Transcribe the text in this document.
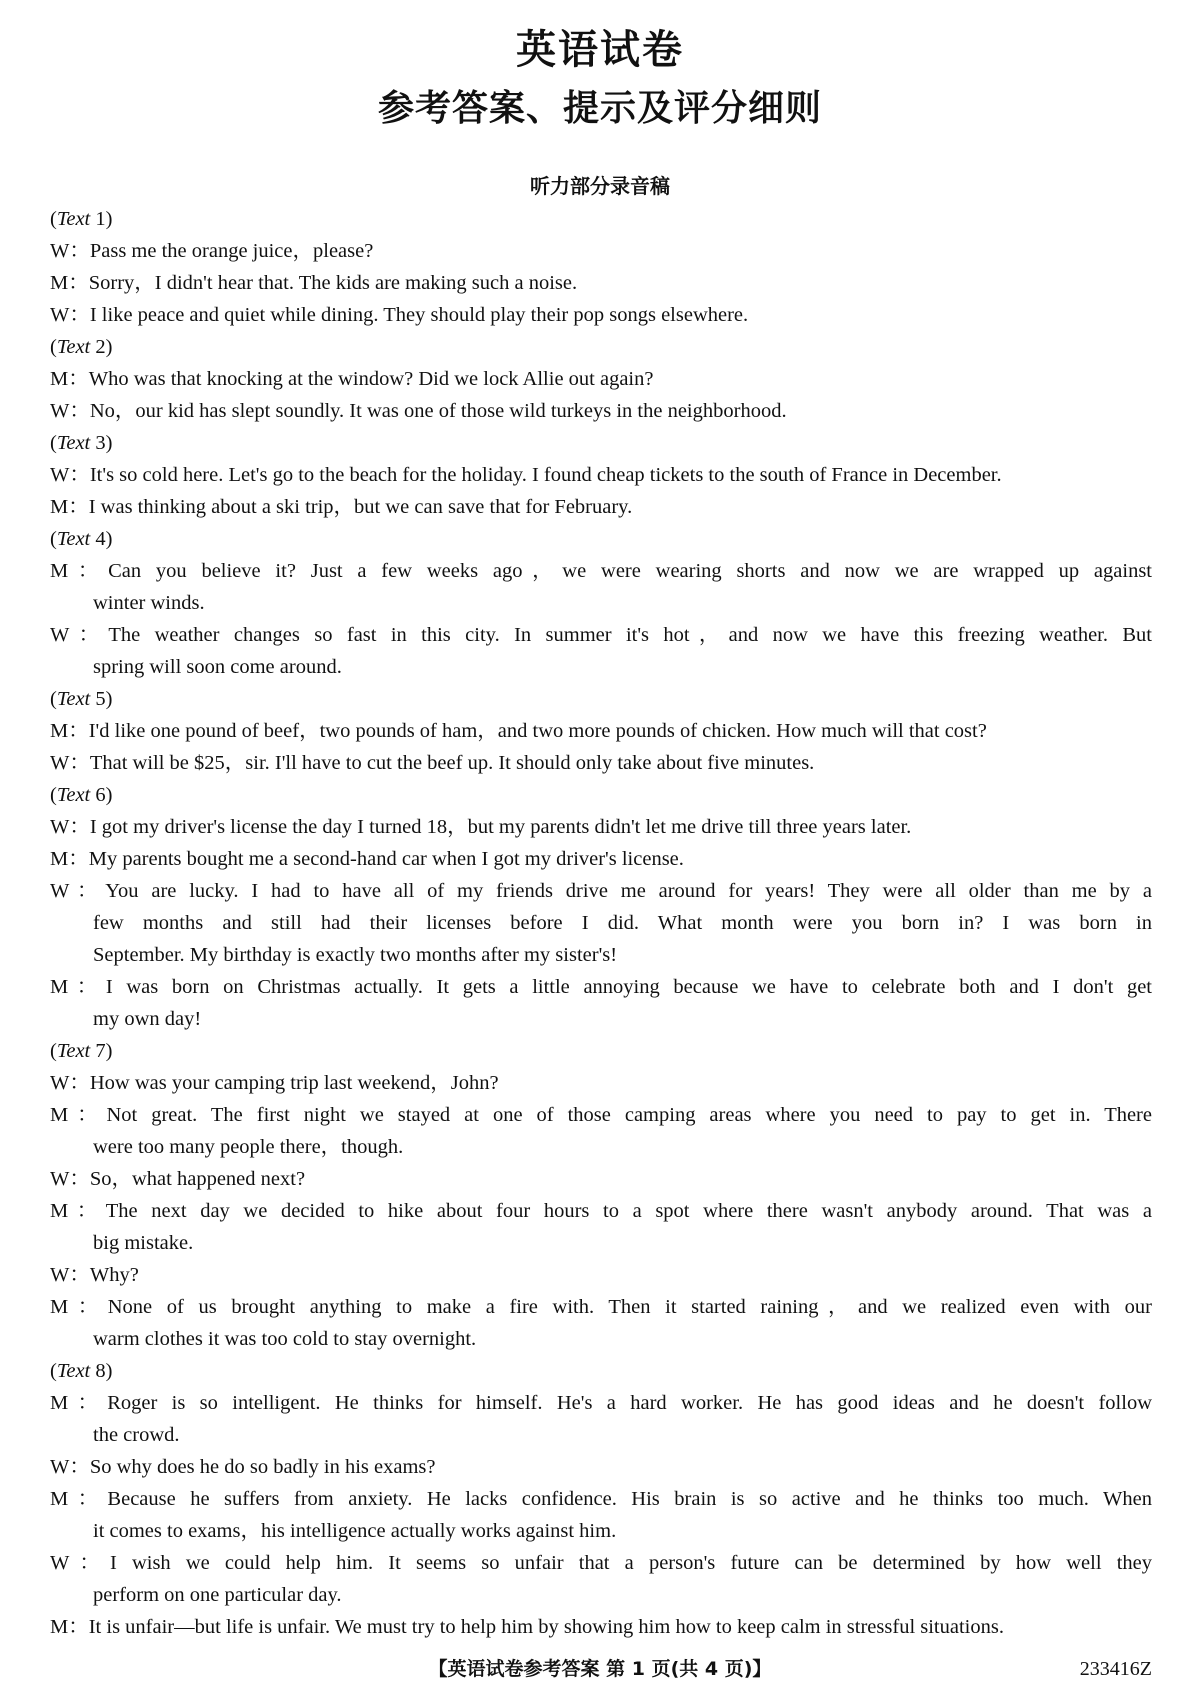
英语试卷
参考答案、提示及评分细则
听力部分录音稿
(Text 1)
W：Pass me the orange juice，please?
M：Sorry，I didn't hear that. The kids are making such a noise.
W：I like peace and quiet while dining. They should play their pop songs elsewhere.
(Text 2)
M：Who was that knocking at the window? Did we lock Allie out again?
W：No，our kid has slept soundly. It was one of those wild turkeys in the neighborhood.
(Text 3)
W：It's so cold here. Let's go to the beach for the holiday. I found cheap tickets to the south of France in December.
M：I was thinking about a ski trip，but we can save that for February.
(Text 4)
M：Can you believe it? Just a few weeks ago，we were wearing shorts and now we are wrapped up against
winter winds.
W：The weather changes so fast in this city. In summer it's hot，and now we have this freezing weather. But
spring will soon come around.
(Text 5)
M：I'd like one pound of beef，two pounds of ham，and two more pounds of chicken. How much will that cost?
W：That will be $25，sir. I'll have to cut the beef up. It should only take about five minutes.
(Text 6)
W：I got my driver's license the day I turned 18，but my parents didn't let me drive till three years later.
M：My parents bought me a second-hand car when I got my driver's license.
W：You are lucky. I had to have all of my friends drive me around for years! They were all older than me by a
few months and still had their licenses before I did. What month were you born in? I was born in
September. My birthday is exactly two months after my sister's!
M：I was born on Christmas actually. It gets a little annoying because we have to celebrate both and I don't get
my own day!
(Text 7)
W：How was your camping trip last weekend，John?
M：Not great. The first night we stayed at one of those camping areas where you need to pay to get in. There
were too many people there，though.
W：So，what happened next?
M：The next day we decided to hike about four hours to a spot where there wasn't anybody around. That was a
big mistake.
W：Why?
M：None of us brought anything to make a fire with. Then it started raining，and we realized even with our
warm clothes it was too cold to stay overnight.
(Text 8)
M：Roger is so intelligent. He thinks for himself. He's a hard worker. He has good ideas and he doesn't follow
the crowd.
W：So why does he do so badly in his exams?
M：Because he suffers from anxiety. He lacks confidence. His brain is so active and he thinks too much. When
it comes to exams，his intelligence actually works against him.
W：I wish we could help him. It seems so unfair that a person's future can be determined by how well they
perform on one particular day.
M：It is unfair—but life is unfair. We must try to help him by showing him how to keep calm in stressful situations.
【英语试卷参考答案 第 1 页(共 4 页)】	233416Z
